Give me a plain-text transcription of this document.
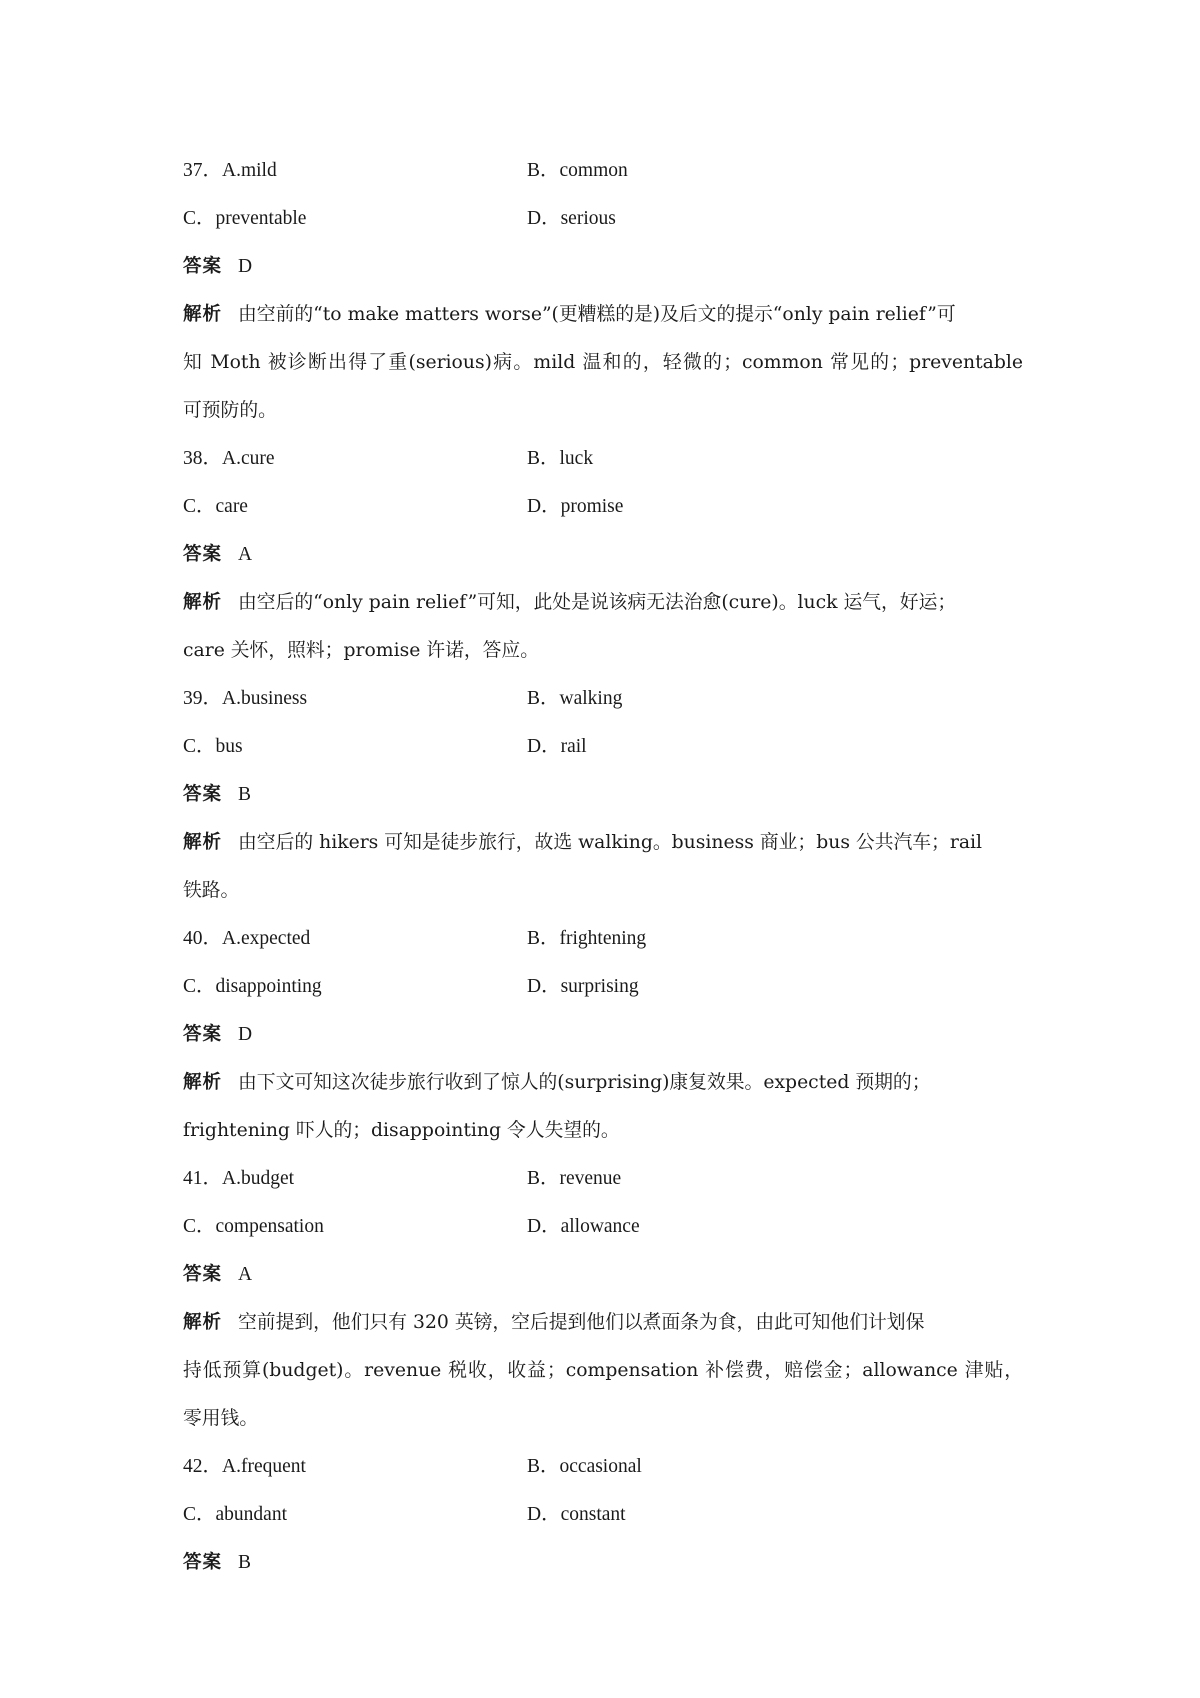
37．A.mild	B．common
C．preventable	D．serious
答案 D
解析 由空前的“to make matters worse”(更糟糕的是)及后文的提示“only pain relief”可
知 Moth 被诊断出得了重(serious)病。mild 温和的，轻微的；common 常见的；preventable
可预防的。
38．A.cure	B．luck
C．care	D．promise
答案 A
解析 由空后的“only pain relief”可知，此处是说该病无法治愈(cure)。luck 运气，好运；
care 关怀，照料；promise 许诺，答应。
39．A.business	B．walking
C．bus	D．rail
答案 B
解析 由空后的 hikers 可知是徒步旅行，故选 walking。business 商业；bus 公共汽车；rail
铁路。
40．A.expected	B．frightening
C．disappointing	D．surprising
答案 D
解析 由下文可知这次徒步旅行收到了惊人的(surprising)康复效果。expected 预期的；
frightening 吓人的；disappointing 令人失望的。
41．A.budget	B．revenue
C．compensation	D．allowance
答案 A
解析 空前提到，他们只有 320 英镑，空后提到他们以煮面条为食，由此可知他们计划保
持低预算(budget)。revenue 税收，收益；compensation 补偿费，赔偿金；allowance 津贴，
零用钱。
42．A.frequent	B．occasional
C．abundant	D．constant
答案 B
